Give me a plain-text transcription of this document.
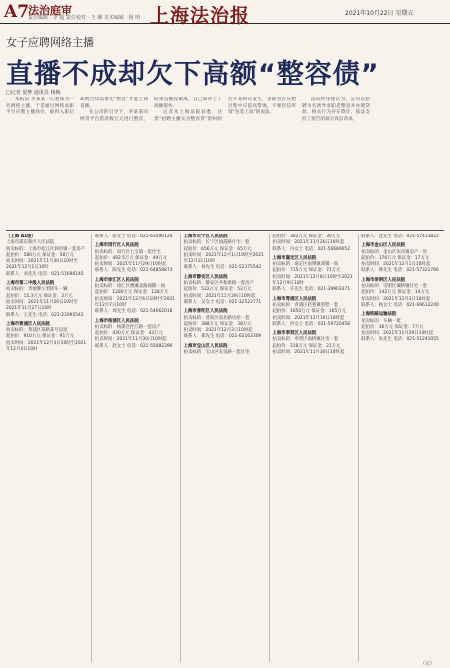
A7
法治庭审
责任编辑 · 李 超 责任校对 · 王 琳 美术编辑 · 杨 明 上海法治报	2021年10月22日 星期五
女子应聘网络主播
直播不成却欠下高额“整容债”
□记者 夏梦 通讯员 杨梅

本报讯 李某某一心想成为一名网络主播，于是通过网络求职平台应聘主播岗位，谁料入职后却被告知需要先“整容”才能上岗直播。

在公司的引导下，李某某向网贷平台借款数万元进行整容，结果直播没做成，自己却背上了高额债务。

记者从上海法院获悉，这类“招聘主播实为整容贷”的纠纷近年来时有发生，求职者在应聘过程中应提高警惕，不要轻信所谓“包装上岗”的说法。

法院经审理认为，公司以招聘为名诱导求职者整容并办理贷款，相关行为存在欺诈，依法支持了原告的部分诉讼请求。

（上海 A1版）
上海市浦东新区人民法院
拍卖标的：上海市松江区泗泾镇一套房产
起拍价：580万元 保证金：58万元
拍卖时间：2021年11月30日10时至2021年12月1日10时
联系人：刘先生 电话：021-51696145
上海市第二中级人民法院
拍卖标的：奔驰牌小型轿车一辆
起拍价：15.3万元 保证金：3万元
拍卖时间：2021年11月26日10时至2021年11月27日10时
联系人：王先生 电话：021-23095542
上海市黄浦区人民法院
拍卖标的：黄浦区某路某号房屋
起拍价：910万元 保证金：91万元
拍卖时间：2021年12月3日10时至2021年12月4日10时
联系人：张女士 电话：021-63590124
上海市闵行区人民法院
拍卖标的：闵行区七宝镇一套住宅
起拍价：492.5万元 保证金：49万元
拍卖时间：2021年11月29日10时起
联系人：陈先生 电话：021-64858873
上海市徐汇区人民法院
拍卖标的：徐汇区漕溪北路商铺一间
起拍价：1280万元 保证金：128万元
拍卖时间：2021年12月6日10时至2021年12月7日10时
联系人：周先生 电话：021-54662018
上海市杨浦区人民法院
拍卖标的：杨浦区控江路一套房产
起拍价：430万元 保证金：43万元
拍卖时间：2021年11月30日10时起
联系人：赵女士 电话：021-55082396
上海市长宁区人民法院
拍卖标的：长宁区仙霞路住宅一套
起拍价：656万元 保证金：65万元
拍卖时间：2021年12月1日10时至2021年12月2日10时
联系人：孙先生 电话：021-52375542
上海市静安区人民法院
拍卖标的：静安区共和新路一套房产
起拍价：522万元 保证金：52万元
拍卖时间：2021年11月29日10时起
联系人：吴女士 电话：021-32523771
上海市普陀区人民法院
拍卖标的：普陀区真北路房屋一套
起拍价：388万元 保证金：38万元
拍卖时间：2021年12月2日10时起
联系人：郑先生 电话：021-62163309
上海市宝山区人民法院
拍卖标的：宝山区友谊路一套住宅
起拍价：302万元 保证金：30万元
拍卖时间：2021年11月26日10时起
联系人：冯女士 电话：021-56689052
上海市嘉定区人民法院
拍卖标的：嘉定区南翔镇商铺一间
起拍价：715万元 保证金：71万元
拍卖时间：2021年12月8日10时至2021年12月9日10时
联系人：许先生 电话：021-39903371
上海市青浦区人民法院
拍卖标的：青浦区赵巷镇别墅一套
起拍价：1650万元 保证金：165万元
拍卖时间：2021年12月10日10时起
联系人：何女士 电话：021-59720458
上海市奉贤区人民法院
拍卖标的：奉贤区南桥镇住宅一套
起拍价：218万元 保证金：21万元
拍卖时间：2021年11月30日10时起
联系人：沈先生 电话：021-57413822
上海市金山区人民法院
拍卖标的：金山区朱泾镇房产一处
起拍价：176万元 保证金：17万元
拍卖时间：2021年12月1日10时起
联系人：韩先生 电话：021-57321766
上海市崇明区人民法院
拍卖标的：崇明区城桥镇住宅一套
起拍价：142万元 保证金：14万元
拍卖时间：2021年12月3日10时起
联系人：杨女士 电话：021-69612240
上海铁路运输法院
拍卖标的：车辆一批
起拍价：36万元 保证金：7万元
拍卖时间：2021年11月29日10时起
联系人：朱先生 电话：021-51241055
（完）
